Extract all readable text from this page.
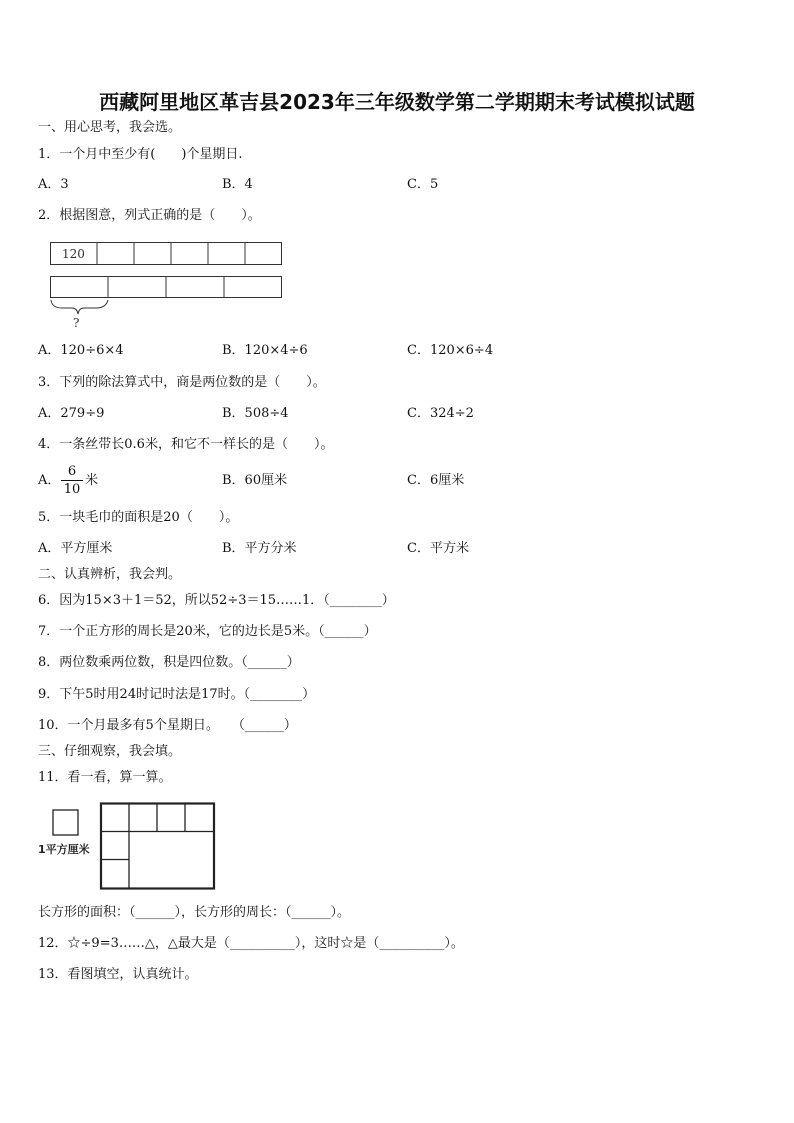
西藏阿里地区革吉县2023年三年级数学第二学期期末考试模拟试题
一、用心思考，我会选。
1．一个月中至少有(　　)个星期日.
A．3	B．4	C．5
2．根据图意，列式正确的是（　　）。
120
?
A．120÷6×4	B．120×4÷6	C．120×6÷4
3．下列的除法算式中，商是两位数的是（　　）。
A．279÷9	B．508÷4	C．324÷2
4．一条丝带长0.6米，和它不一样长的是（　　）。
A． $\frac{6}{10}$ 米	B．60厘米	C．6厘米
5．一块毛巾的面积是20（　　）。
A．平方厘米	B．平方分米	C．平方米
二、认真辨析，我会判。
6．因为15×3＋1＝52，所以52÷3＝15……1．（________）
7．一个正方形的周长是20米，它的边长是5米。（______）
8．两位数乘两位数，积是四位数。（______）
9．下午5时用24时记时法是17时。（________）
10．一个月最多有5个星期日。　　（______）
三、仔细观察，我会填。
11．看一看，算一算。
1平方厘米
长方形的面积：（______），长方形的周长：（______）。
12．☆÷9=3……△，△最大是（__________），这时☆是（__________）。
13．看图填空，认真统计。
